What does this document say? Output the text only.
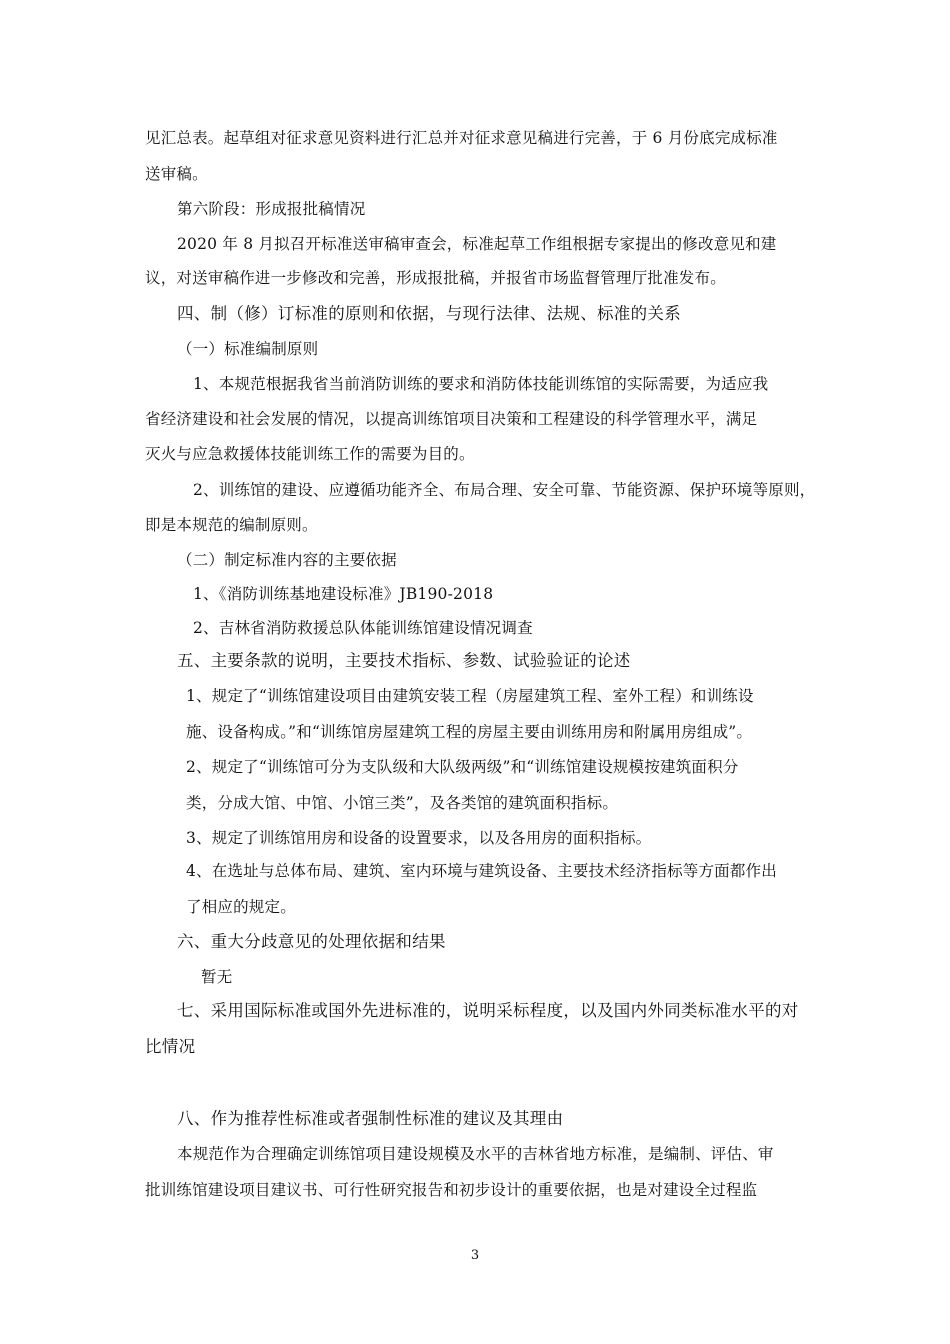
见汇总表。起草组对征求意见资料进行汇总并对征求意见稿进行完善，于 6 月份底完成标准
送审稿。
第六阶段：形成报批稿情况
2020 年 8 月拟召开标准送审稿审查会，标准起草工作组根据专家提出的修改意见和建
议，对送审稿作进一步修改和完善，形成报批稿，并报省市场监督管理厅批准发布。
四、制（修）订标准的原则和依据，与现行法律、法规、标准的关系
（一）标准编制原则
1、本规范根据我省当前消防训练的要求和消防体技能训练馆的实际需要，为适应我
省经济建设和社会发展的情况，以提高训练馆项目决策和工程建设的科学管理水平，满足
灭火与应急救援体技能训练工作的需要为目的。
2、训练馆的建设、应遵循功能齐全、布局合理、安全可靠、节能资源、保护环境等原则，
即是本规范的编制原则。
（二）制定标准内容的主要依据
1、《消防训练基地建设标准》JB190-2018
2、吉林省消防救援总队体能训练馆建设情况调查
五、主要条款的说明，主要技术指标、参数、试验验证的论述
1、规定了“训练馆建设项目由建筑安装工程（房屋建筑工程、室外工程）和训练设
施、设备构成。”和“训练馆房屋建筑工程的房屋主要由训练用房和附属用房组成”。
2、规定了“训练馆可分为支队级和大队级两级”和“训练馆建设规模按建筑面积分
类，分成大馆、中馆、小馆三类”，及各类馆的建筑面积指标。
3、规定了训练馆用房和设备的设置要求，以及各用房的面积指标。
4、在选址与总体布局、建筑、室内环境与建筑设备、主要技术经济指标等方面都作出
了相应的规定。
六、重大分歧意见的处理依据和结果
暂无
七、采用国际标准或国外先进标准的，说明采标程度，以及国内外同类标准水平的对
比情况
八、作为推荐性标准或者强制性标准的建议及其理由
本规范作为合理确定训练馆项目建设规模及水平的吉林省地方标准，是编制、评估、审
批训练馆建设项目建议书、可行性研究报告和初步设计的重要依据，也是对建设全过程监
3
